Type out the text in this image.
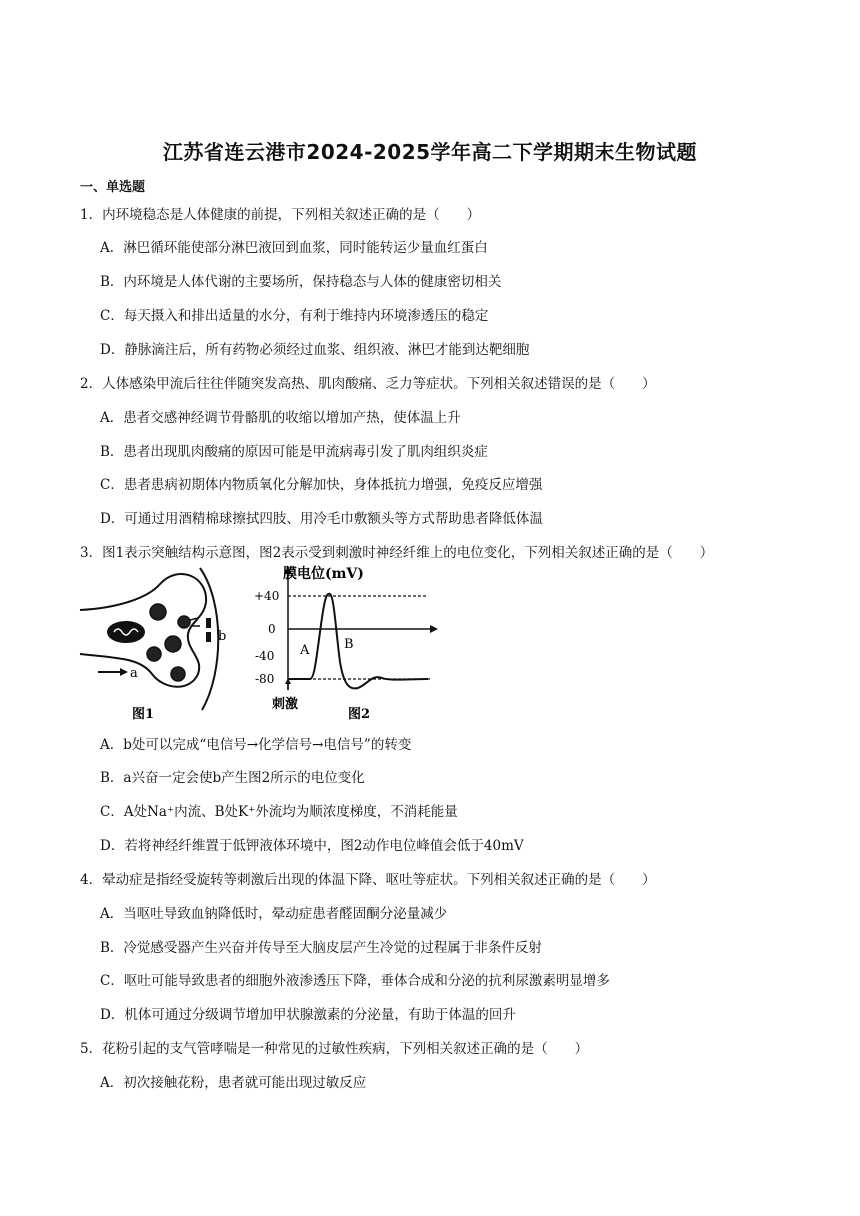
江苏省连云港市2024-2025学年高二下学期期末生物试题
一、单选题
1．内环境稳态是人体健康的前提，下列相关叙述正确的是（　　）
A．淋巴循环能使部分淋巴液回到血浆，同时能转运少量血红蛋白
B．内环境是人体代谢的主要场所，保持稳态与人体的健康密切相关
C．每天摄入和排出适量的水分，有利于维持内环境渗透压的稳定
D．静脉滴注后，所有药物必须经过血浆、组织液、淋巴才能到达靶细胞
2．人体感染甲流后往往伴随突发高热、肌肉酸痛、乏力等症状。下列相关叙述错误的是（　　）
A．患者交感神经调节骨骼肌的收缩以增加产热，使体温上升
B．患者出现肌肉酸痛的原因可能是甲流病毒引发了肌肉组织炎症
C．患者患病初期体内物质氧化分解加快，身体抵抗力增强，免疫反应增强
D．可通过用酒精棉球擦拭四肢、用冷毛巾敷额头等方式帮助患者降低体温
3．图1表示突触结构示意图，图2表示受到刺激时神经纤维上的电位变化，下列相关叙述正确的是（　　）
a
b
图1
膜电位(mV)
+40
0
-40
-80
A	B
刺激
图2
A．b处可以完成“电信号→化学信号→电信号”的转变
B．a兴奋一定会使b产生图2所示的电位变化
C．A处Na⁺内流、B处K⁺外流均为顺浓度梯度，不消耗能量
D．若将神经纤维置于低钾液体环境中，图2动作电位峰值会低于40mV
4．晕动症是指经受旋转等刺激后出现的体温下降、呕吐等症状。下列相关叙述正确的是（　　）
A．当呕吐导致血钠降低时，晕动症患者醛固酮分泌量减少
B．冷觉感受器产生兴奋并传导至大脑皮层产生冷觉的过程属于非条件反射
C．呕吐可能导致患者的细胞外液渗透压下降，垂体合成和分泌的抗利尿激素明显增多
D．机体可通过分级调节增加甲状腺激素的分泌量，有助于体温的回升
5．花粉引起的支气管哮喘是一种常见的过敏性疾病，下列相关叙述正确的是（　　）
A．初次接触花粉，患者就可能出现过敏反应
